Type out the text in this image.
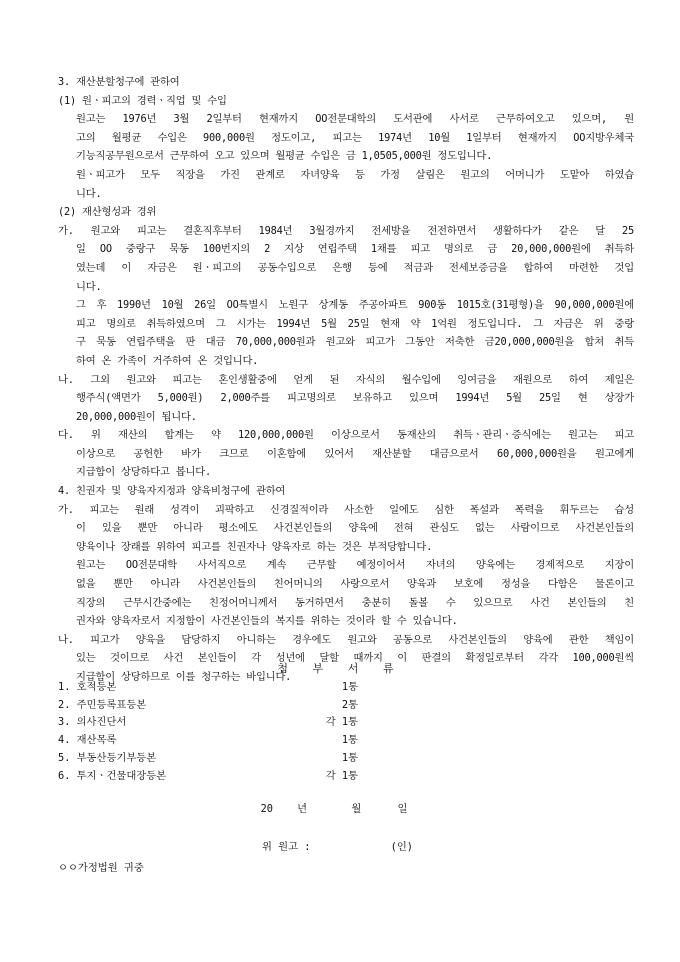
3. 재산분할청구에 관하여
(1) 원ㆍ피고의 경력ㆍ직업 및 수입
원고는 1976년 3월 2일부터 현재까지 OO전문대학의 도서관에 사서로 근무하여오고 있으며, 원
고의 월평균 수입은 900,000원 정도이고, 피고는 1974년 10월 1일부터 현재까지 OO지방우체국
기능직공무원으로서 근무하여 오고 있으며 월평균 수입은 금 1,0505,000원 정도입니다.
원ㆍ피고가 모두 직장을 가진 관계로 자녀양육 등 가정 살림은 원고의 어머니가 도맡아 하였습
니다.
(2) 재산형성과 경위
가. 원고와 피고는 결혼직후부터 1984년 3월경까지 전세방을 전전하면서 생활하다가 같은 달 25
일 OO 중랑구 묵동 100번지의 2 지상 연립주택 1채를 피고 명의로 금 20,000,000원에 취득하
였는데 이 자금은 원ㆍ피고의 공동수입으로 은행 등에 적금과 전세보증금을 합하여 마련한 것입
니다.
그 후 1990년 10월 26일 OO특별시 노원구 상계동 주공아파트 900동 1015호(31평형)을 90,000,000원에
피고 명의로 취득하였으며 그 시가는 1994년 5월 25일 현재 약 1억원 정도입니다. 그 자금은 위 중랑
구 묵동 연립주택을 판 대금 70,000,000원과 원고와 피고가 그동안 저축한 금20,000,000원을 합쳐 취득
하여 온 가족이 거주하여 온 것입니다.
나. 그외 원고와 피고는 혼인생활중에 얻게 된 자식의 월수입에 잉여금을 재원으로 하여 제일은
행주식(액면가 5,000원) 2,000주를 피고명의로 보유하고 있으며 1994년 5월 25일 현 상장가
20,000,000원이 됩니다.
다. 위 재산의 합계는 약 120,000,000원 이상으로서 동재산의 취득ㆍ관리ㆍ증식에는 원고는 피고
이상으로 공헌한 바가 크므로 이혼함에 있어서 재산분할 대금으로서 60,000,000원을 원고에게
지급함이 상당하다고 봅니다.
4. 친권자 및 양육자지정과 양육비청구에 관하여
가. 피고는 원래 성격이 괴팍하고 신경질적이라 사소한 일에도 심한 폭설과 폭력을 휘두르는 습성
이 있을 뿐만 아니라 평소에도 사건본인들의 양육에 전혀 관심도 없는 사람이므로 사건본인들의
양육이나 장래를 위하여 피고를 친권자나 양육자로 하는 것은 부적당합니다.
원고는 OO전문대학 사서직으로 계속 근무할 예정이어서 자녀의 양육에는 경제적으로 지장이
없을 뿐만 아니라 사건본인들의 친어머니의 사랑으로서 양육과 보호에 정성을 다함은 물론이고
직장의 근무시간중에는 친정어머니께서 동거하면서 충분히 돌볼 수 있으므로 사건 본인들의 친
권자와 양육자로서 지정함이 사건본인들의 복지를 위하는 것이라 할 수 있습니다.
나. 피고가 양육을 담당하지 아니하는 경우에도 원고와 공동으로 사건본인들의 양육에 관한 책임이
있는 것이므로 사건 본인들이 각 성년에 달할 때까지 이 판결의 확정일로부터 각각 100,000원씩
지급함이 상당하므로 이를 청구하는 바입니다.
첨 부 서 류
1. 호적등본	1통
2. 주민등록표등본	2통
3. 의사진단서	각 1통
4. 재산목록	1통
5. 부동산등기부등본	1통
6. 투지ㆍ건물대장등본	각 1통
20 년	월	일
위 원고 :	(인)
ㅇㅇ가정법원 귀중
